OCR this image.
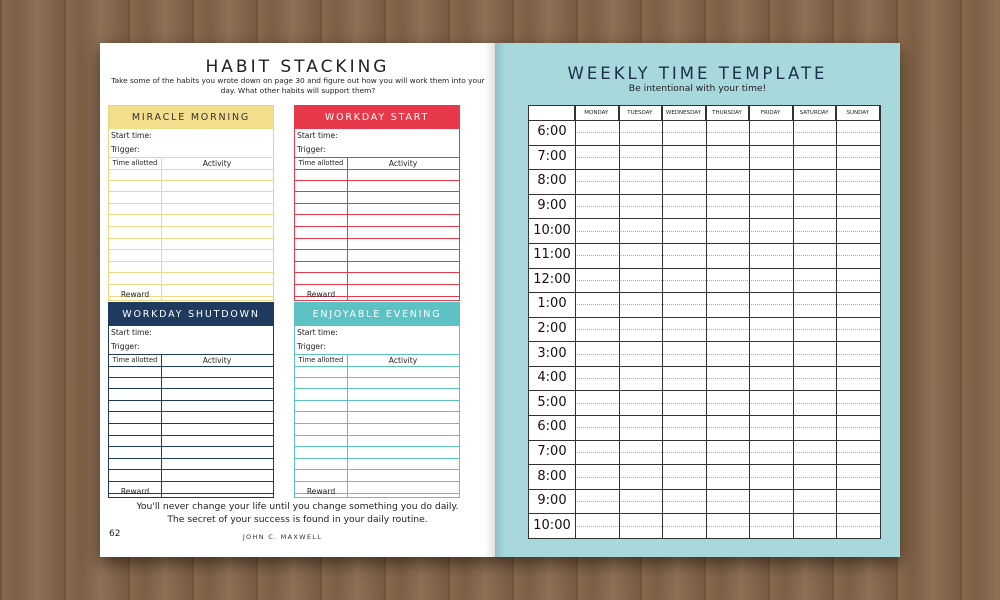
HABIT STACKING
Take some of the habits you wrote down on page 30 and figure out how you will work them into your day. What other habits will support them?
MIRACLE MORNING
Start time:
Trigger:
Time allotted	Activity
Reward
WORKDAY START
Start time:
Trigger:
Time allotted	Activity
Reward
WORKDAY SHUTDOWN
Start time:
Trigger:
Time allotted	Activity
Reward
ENJOYABLE EVENING
Start time:
Trigger:
Time allotted	Activity
Reward
You'll never change your life until you change something you do daily.
The secret of your success is found in your daily routine.
62	JOHN C. MAXWELL
WEEKLY TIME TEMPLATE
Be intentional with your time!
MONDAY	TUESDAY	WEDNESDAY	THURSDAY	FRIDAY	SATURDAY	SUNDAY
6:00
7:00
8:00
9:00
10:00
11:00
12:00
1:00
2:00
3:00
4:00
5:00
6:00
7:00
8:00
9:00
10:00
